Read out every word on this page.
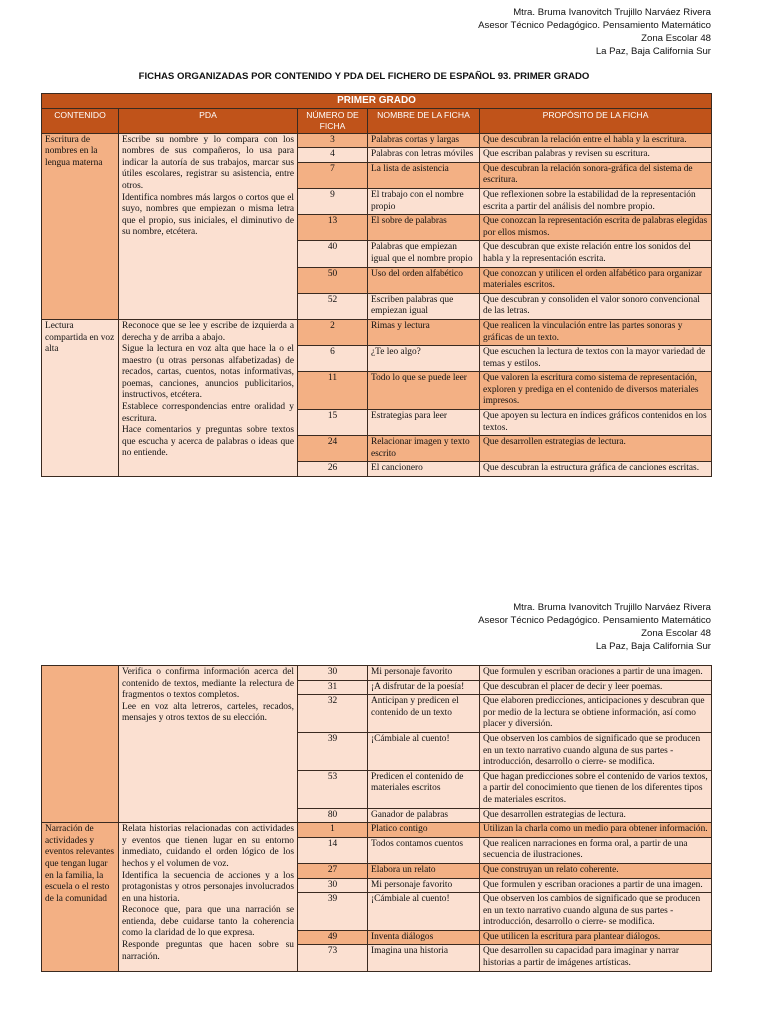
Mtra. Bruma Ivanovitch Trujillo Narváez Rivera
Asesor Técnico Pedagógico. Pensamiento Matemático
Zona Escolar 48
La Paz, Baja California Sur
FICHAS ORGANIZADAS POR CONTENIDO Y PDA DEL FICHERO DE ESPAÑOL 93. PRIMER GRADO
PRIMER GRADO				
CONTENIDO	PDA	NÚMERO DE FICHA	NOMBRE DE LA FICHA	PROPÓSITO DE LA FICHA
Escritura de nombres en la lengua materna	Escribe su nombre y lo compara con los nombres de sus compañeros, lo usa para indicar la autoría de sus trabajos, marcar sus útiles escolares, registrar su asistencia, entre otros.

Identifica nombres más largos o cortos que el suyo, nombres que empiezan o misma letra que el propio, sus iniciales, el diminutivo de su nombre, etcétera.	3	Palabras cortas y largas	Que descubran la relación entre el habla y la escritura.
		4	Palabras con letras móviles	Que escriban palabras y revisen su escritura.
		7	La lista de asistencia	Que descubran la relación sonora-gráfica del sistema de escritura.
		9	El trabajo con el nombre propio	Que reflexionen sobre la estabilidad de la representación escrita a partir del análisis del nombre propio.
		13	El sobre de palabras	Que conozcan la representación escrita de palabras elegidas por ellos mismos.
		40	Palabras que empiezan igual que el nombre propio	Que descubran que existe relación entre los sonidos del habla y la representación escrita.
		50	Uso del orden alfabético	Que conozcan y utilicen el orden alfabético para organizar materiales escritos.
		52	Escriben palabras que empiezan igual	Que descubran y consoliden el valor sonoro convencional de las letras.
Lectura compartida en voz alta	Reconoce que se lee y escribe de izquierda a derecha y de arriba a abajo.

Sigue la lectura en voz alta que hace la o el maestro (u otras personas alfabetizadas) de recados, cartas, cuentos, notas informativas, poemas, canciones, anuncios publicitarios, instructivos, etcétera.

Establece correspondencias entre oralidad y escritura.

Hace comentarios y preguntas sobre textos que escucha y acerca de palabras o ideas que no entiende.	2	Rimas y lectura	Que realicen la vinculación entre las partes sonoras y gráficas de un texto.
		6	¿Te leo algo?	Que escuchen la lectura de textos con la mayor variedad de temas y estilos.
		11	Todo lo que se puede leer	Que valoren la escritura como sistema de representación, exploren y prediga en el contenido de diversos materiales impresos.
		15	Estrategias para leer	Que apoyen su lectura en índices gráficos contenidos en los textos.
		24	Relacionar imagen y texto escrito	Que desarrollen estrategias de lectura.
		26	El cancionero	Que descubran la estructura gráfica de canciones escritas.
Mtra. Bruma Ivanovitch Trujillo Narváez Rivera
Asesor Técnico Pedagógico. Pensamiento Matemático
Zona Escolar 48
La Paz, Baja California Sur

	Verifica o confirma información acerca del contenido de textos, mediante la relectura de fragmentos o textos completos.

Lee en voz alta letreros, carteles, recados, mensajes y otros textos de su elección.	30	Mi personaje favorito	Que formulen y escriban oraciones a partir de una imagen.
		31	¡A disfrutar de la poesía!	Que descubran el placer de decir y leer poemas.
		32	Anticipan y predicen el contenido de un texto	Que elaboren predicciones, anticipaciones y descubran que por medio de la lectura se obtiene información, así como placer y diversión.
		39	¡Cámbiale al cuento!	Que observen los cambios de significado que se producen en un texto narrativo cuando alguna de sus partes -introducción, desarrollo o cierre- se modifica.
		53	Predicen el contenido de materiales escritos	Que hagan predicciones sobre el contenido de varios textos, a partir del conocimiento que tienen de los diferentes tipos de materiales escritos.
		80	Ganador de palabras	Que desarrollen estrategias de lectura.
Narración de actividades y eventos relevantes que tengan lugar en la familia, la escuela o el resto de la comunidad	Relata historias relacionadas con actividades y eventos que tienen lugar en su entorno inmediato, cuidando el orden lógico de los hechos y el volumen de voz.

Identifica la secuencia de acciones y a los protagonistas y otros personajes involucrados en una historia.

Reconoce que, para que una narración se entienda, debe cuidarse tanto la coherencia como la claridad de lo que expresa.

Responde preguntas que hacen sobre su narración.	1	Platico contigo	Utilizan la charla como un medio para obtener información.
		14	Todos contamos cuentos	Que realicen narraciones en forma oral, a partir de una secuencia de ilustraciones.
		27	Elabora un relato	Que construyan un relato coherente.
		30	Mi personaje favorito	Que formulen y escriban oraciones a partir de una imagen.
		39	¡Cámbiale al cuento!	Que observen los cambios de significado que se producen en un texto narrativo cuando alguna de sus partes -introducción, desarrollo o cierre- se modifica.
		49	Inventa diálogos	Que utilicen la escritura para plantear diálogos.
		73	Imagina una historia	Que desarrollen su capacidad para imaginar y narrar historias a partir de imágenes artísticas.
